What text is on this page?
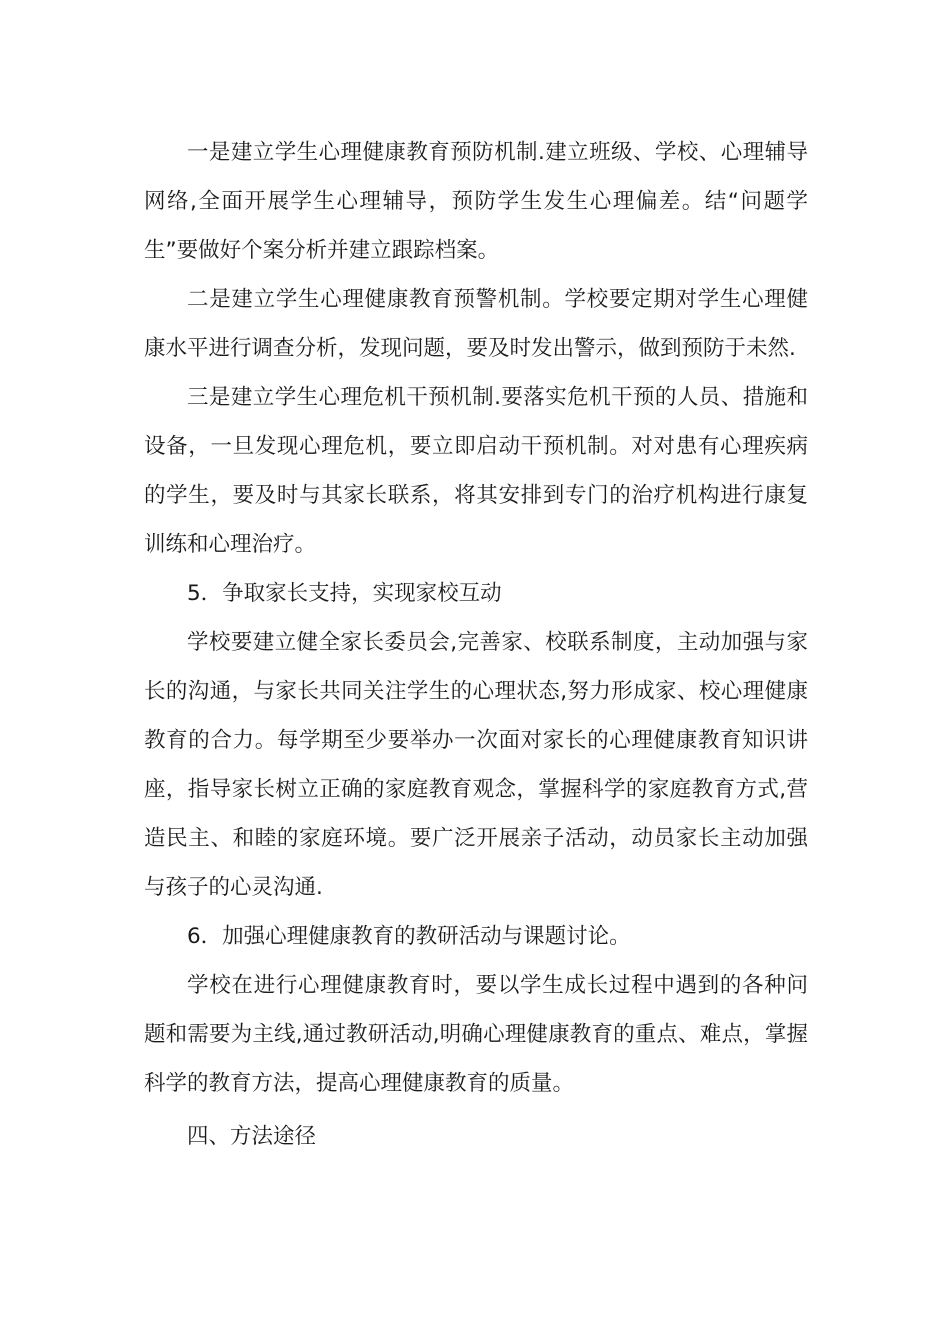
一是建立学生心理健康教育预防机制.建立班级、学校、心理辅导网络,全面开展学生心理辅导，预防学生发生心理偏差。结“问题学生”要做好个案分析并建立跟踪档案。

二是建立学生心理健康教育预警机制。学校要定期对学生心理健康水平进行调查分析，发现问题，要及时发出警示，做到预防于未然.

三是建立学生心理危机干预机制.要落实危机干预的人员、措施和设备，一旦发现心理危机，要立即启动干预机制。对对患有心理疾病的学生，要及时与其家长联系，将其安排到专门的治疗机构进行康复训练和心理治疗。

5．争取家长支持，实现家校互动

学校要建立健全家长委员会,完善家、校联系制度，主动加强与家长的沟通，与家长共同关注学生的心理状态,努力形成家、校心理健康教育的合力。每学期至少要举办一次面对家长的心理健康教育知识讲座，指导家长树立正确的家庭教育观念，掌握科学的家庭教育方式,营造民主、和睦的家庭环境。要广泛开展亲子活动，动员家长主动加强与孩子的心灵沟通.

6．加强心理健康教育的教研活动与课题讨论。

学校在进行心理健康教育时，要以学生成长过程中遇到的各种问题和需要为主线,通过教研活动,明确心理健康教育的重点、难点，掌握科学的教育方法，提高心理健康教育的质量。

四、方法途径
